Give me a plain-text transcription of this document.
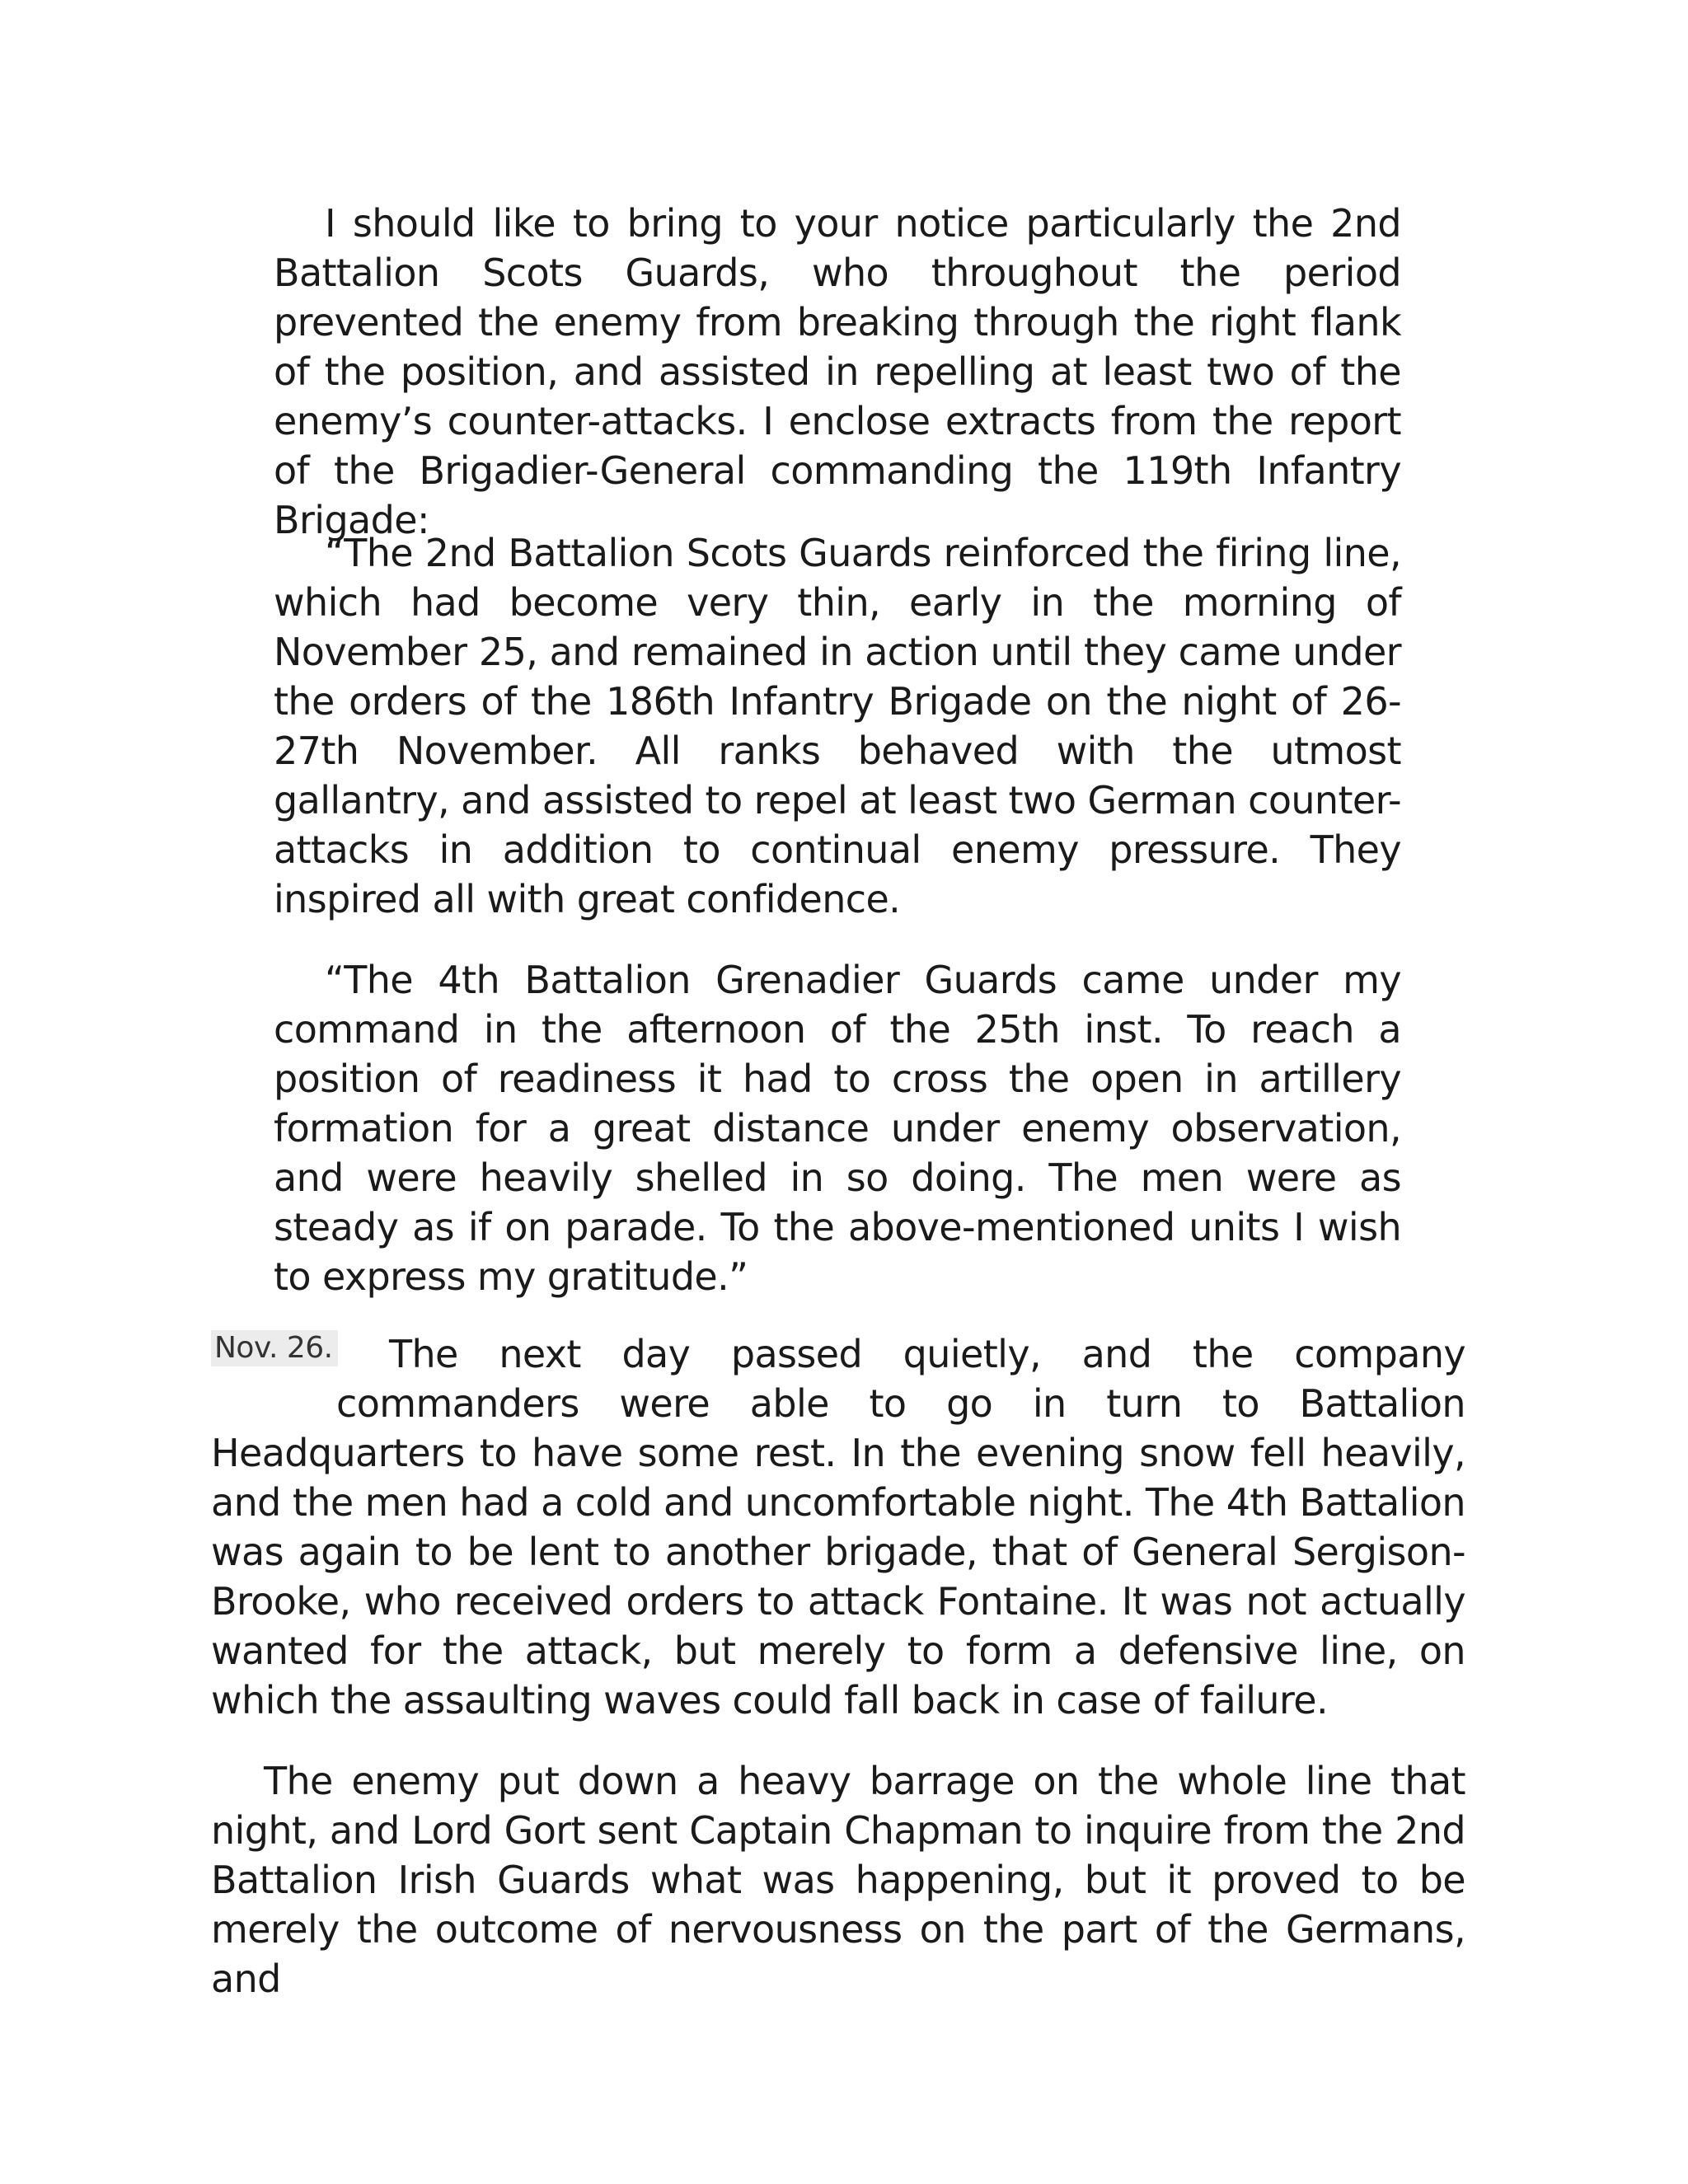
I should like to bring to your notice particularly the 2nd Battalion Scots Guards, who throughout the period prevented the enemy from breaking through the right flank of the position, and assisted in repelling at least two of the enemy’s counter-attacks. I enclose extracts from the report of the Brigadier-General commanding the 119th Infantry Brigade:

“The 2nd Battalion Scots Guards reinforced the firing line, which had become very thin, early in the morning of November 25, and remained in action until they came under the orders of the 186th Infantry Brigade on the night of 26-27th November. All ranks behaved with the utmost gallantry, and assisted to repel at least two German counter-attacks in addition to continual enemy pressure. They inspired all with great confidence.

“The 4th Battalion Grenadier Guards came under my command in the afternoon of the 25th inst. To reach a position of readiness it had to cross the open in artillery formation for a great distance under enemy observation, and were heavily shelled in so doing. The men were as steady as if on parade. To the above-mentioned units I wish to express my gratitude.”

Nov. 26.	The next day passed quietly, and the company
commanders were able to go in turn to Battalion
Headquarters to have some rest. In the evening snow fell heavily, and the men had a cold and uncomfortable night. The 4th Battalion was again to be lent to another brigade, that of General Sergison-Brooke, who received orders to attack Fontaine. It was not actually wanted for the attack, but merely to form a defensive line, on which the assaulting waves could fall back in case of failure.

The enemy put down a heavy barrage on the whole line that night, and Lord Gort sent Captain Chapman to inquire from the 2nd Battalion Irish Guards what was happening, but it proved to be merely the outcome of nervousness on the part of the Germans, and
